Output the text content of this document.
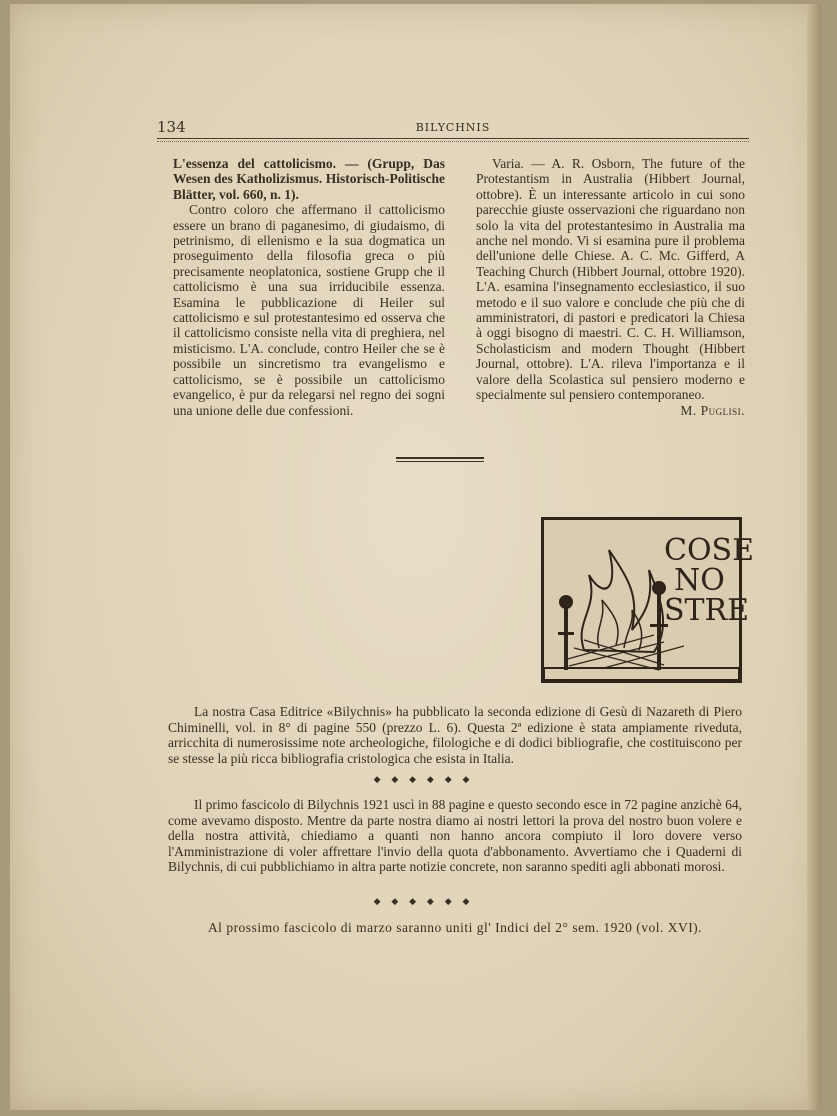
134	BILYCHNIS

L'essenza del cattolicismo. — (Grupp, Das Wesen des Katholizismus. Historisch-Politische Blätter, vol. 660, n. 1).

Contro coloro che affermano il cattolicismo essere un brano di paganesimo, di giudaismo, di petrinismo, di ellenismo e la sua dogmatica un proseguimento della filosofia greca o più precisamente neoplatonica, sostiene Grupp che il cattolicismo è una sua irriducibile essenza. Esamina le pubblicazione di Heiler sul cattolicismo e sul protestantesimo ed osserva che il cattolicismo consiste nella vita di preghiera, nel misticismo. L'A. conclude, contro Heiler che se è possibile un sincretismo tra evangelismo e cattolicismo, se è possibile un cattolicismo evangelico, è pur da relegarsi nel regno dei sogni una unione delle due confessioni.

Varia. — A. R. Osborn, The future of the Protestantism in Australia (Hibbert Journal, ottobre). È un interessante articolo in cui sono parecchie giuste osservazioni che riguardano non solo la vita del protestantesimo in Australia ma anche nel mondo. Vi si esamina pure il problema dell'unione delle Chiese. A. C. Mc. Gifferd, A Teaching Church (Hibbert Journal, ottobre 1920). L'A. esamina l'insegnamento ecclesiastico, il suo metodo e il suo valore e conclude che più che di amministratori, di pastori e predicatori la Chiesa à oggi bisogno di maestri. C. C. H. Williamson, Scholasticism and modern Thought (Hibbert Journal, ottobre). L'A. rileva l'importanza e il valore della Scolastica sul pensiero moderno e specialmente sul pensiero contemporaneo.

M. Puglisi.

COSE
NO
STRE

La nostra Casa Editrice «Bilychnis» ha pubblicato la seconda edizione di Gesù di Nazareth di Piero Chiminelli, vol. in 8° di pagine 550 (prezzo L. 6). Questa 2ª edizione è stata ampiamente riveduta, arricchita di numerosissime note archeologiche, filologiche e di dodici bibliografie, che costituiscono per se stesse la più ricca bibliografia cristologica che esista in Italia.

◆ ◆ ◆ ◆ ◆ ◆

Il primo fascicolo di Bilychnis 1921 uscì in 88 pagine e questo secondo esce in 72 pagine anzichè 64, come avevamo disposto. Mentre da parte nostra diamo ai nostri lettori la prova del nostro buon volere e della nostra attività, chiediamo a quanti non hanno ancora compiuto il loro dovere verso l'Amministrazione di voler affrettare l'invio della quota d'abbonamento. Avvertiamo che i Quaderni di Bilychnis, di cui pubblichiamo in altra parte notizie concrete, non saranno spediti agli abbonati morosi.

◆ ◆ ◆ ◆ ◆ ◆
Al prossimo fascicolo di marzo saranno uniti gl' Indici del 2° sem. 1920 (vol. XVI).
